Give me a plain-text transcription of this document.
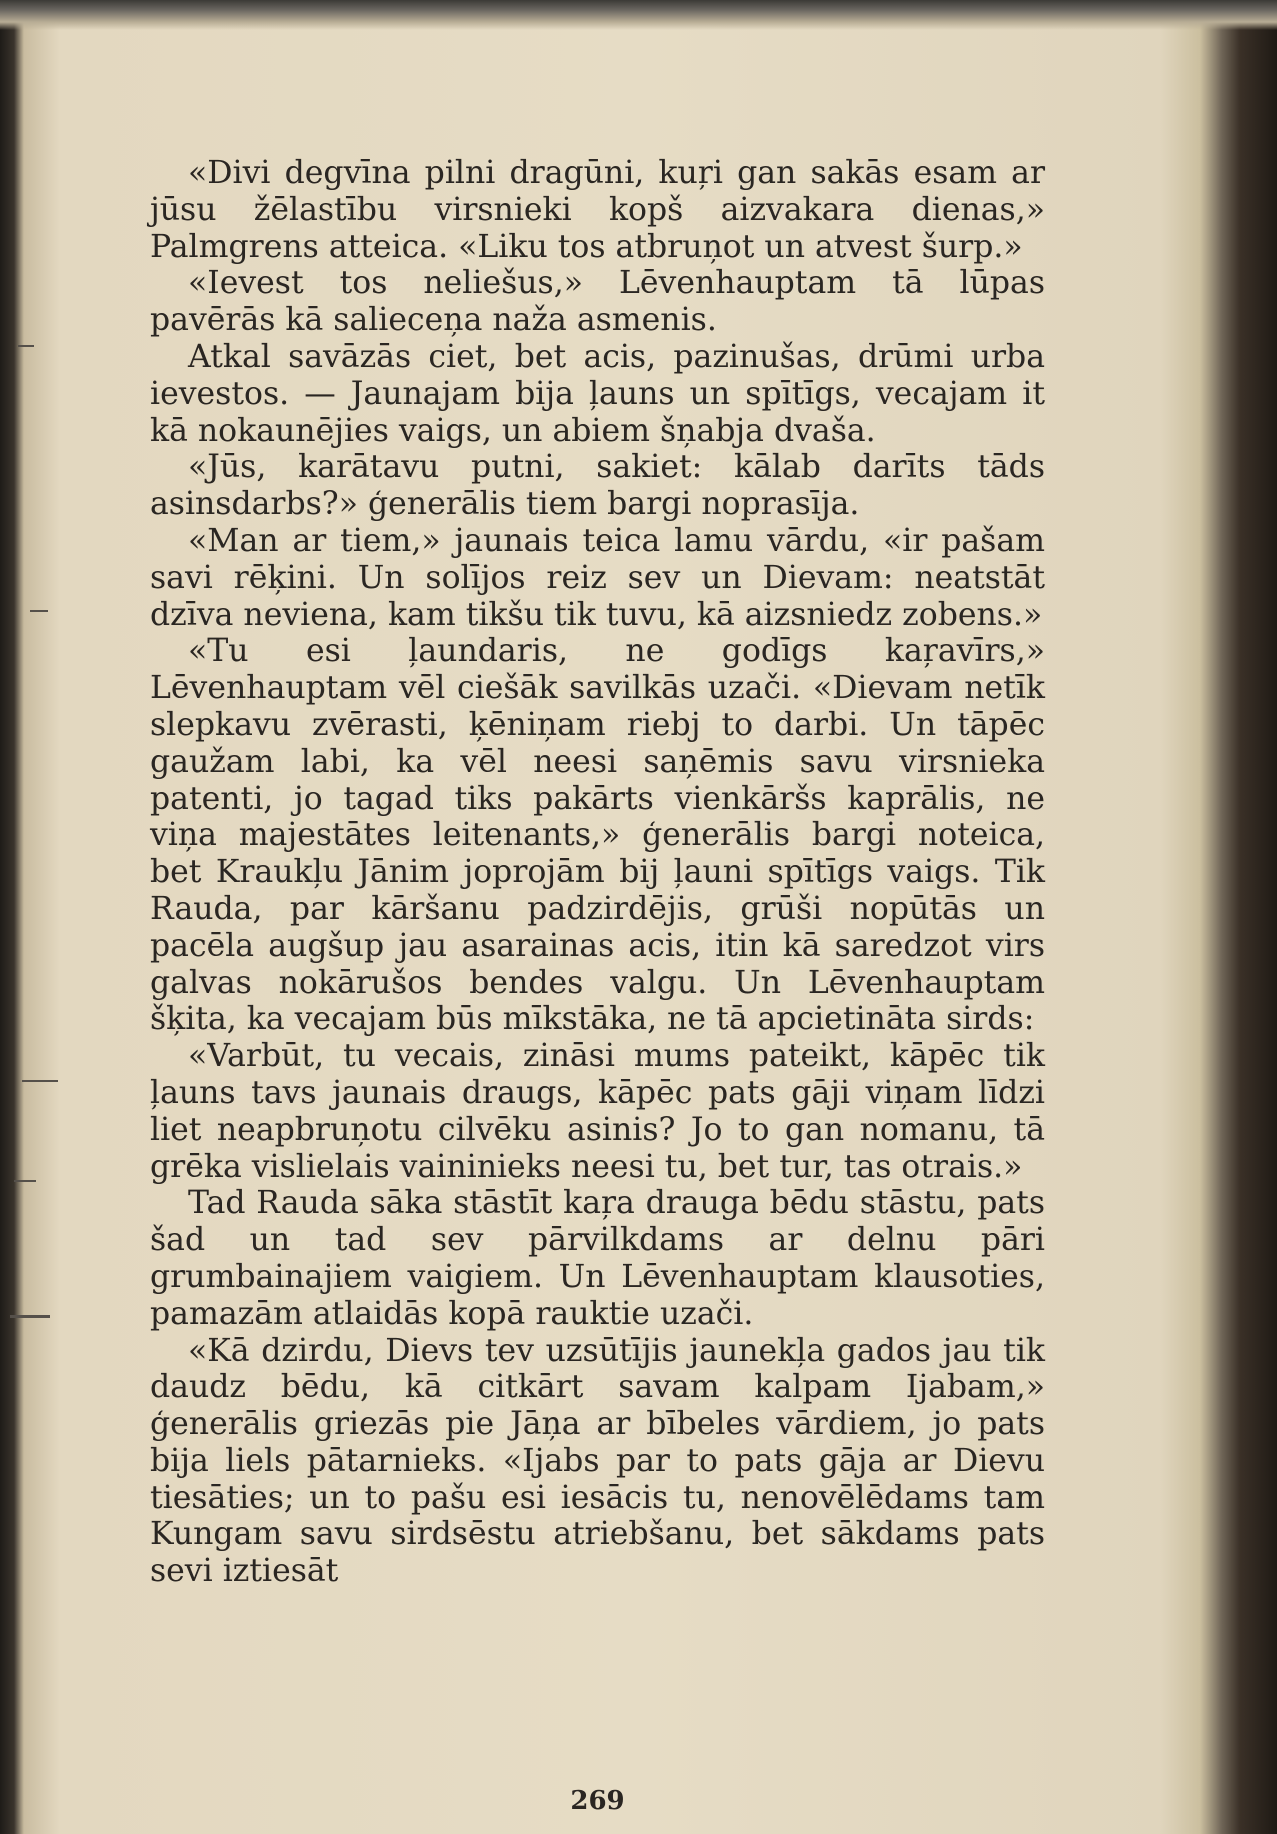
«Divi degvīna pilni dragūni, kuŗi gan sakās esam ar jūsu žēlastību virsnieki kopš aizvakara dienas,» Palmgrens atteica. «Liku tos atbruņot un atvest šurp.»

«Ievest tos neliešus,» Lēvenhauptam tā lūpas pavērās kā salieceņa naža asmenis.

Atkal savāzās ciet, bet acis, pazinušas, drūmi urba ievestos. — Jaunajam bija ļauns un spītīgs, vecajam it kā nokaunējies vaigs, un abiem šņabja dvaša.

«Jūs, karātavu putni, sakiet: kālab darīts tāds asinsdarbs?» ģenerālis tiem bargi noprasīja.

«Man ar tiem,» jaunais teica lamu vārdu, «ir pašam savi rēķini. Un solījos reiz sev un Dievam: neatstāt dzīva neviena, kam tikšu tik tuvu, kā aizsniedz zobens.»

«Tu esi ļaundaris, ne godīgs kaŗavīrs,» Lēvenhauptam vēl ciešāk savilkās uzači. «Dievam netīk slepkavu zvērasti, ķēniņam riebj to darbi. Un tāpēc gaužam labi, ka vēl neesi saņēmis savu virsnieka patenti, jo tagad tiks pakārts vienkāršs kaprālis, ne viņa majestātes leitenants,» ģenerālis bargi noteica, bet Kraukļu Jānim joprojām bij ļauni spītīgs vaigs. Tik Rauda, par kāršanu padzirdējis, grūši nopūtās un pacēla augšup jau asarainas acis, itin kā saredzot virs galvas nokārušos bendes valgu. Un Lēvenhauptam šķita, ka vecajam būs mīkstāka, ne tā apcietināta sirds:

«Varbūt, tu vecais, zināsi mums pateikt, kāpēc tik ļauns tavs jaunais draugs, kāpēc pats gāji viņam līdzi liet neapbruņotu cilvēku asinis? Jo to gan nomanu, tā grēka vislielais vaininieks neesi tu, bet tur, tas otrais.»

Tad Rauda sāka stāstīt kaŗa drauga bēdu stāstu, pats šad un tad sev pārvilkdams ar delnu pāri grumbainajiem vaigiem. Un Lēvenhauptam klausoties, pamazām atlaidās kopā rauktie uzači.

«Kā dzirdu, Dievs tev uzsūtījis jaunekļa gados jau tik daudz bēdu, kā citkārt savam kalpam Ijabam,» ģenerālis griezās pie Jāņa ar bībeles vārdiem, jo pats bija liels pātarnieks. «Ijabs par to pats gāja ar Dievu tiesāties; un to pašu esi iesācis tu, nenovēlēdams tam Kungam savu sirdsēstu atriebšanu, bet sākdams pats sevi iztiesāt

269
